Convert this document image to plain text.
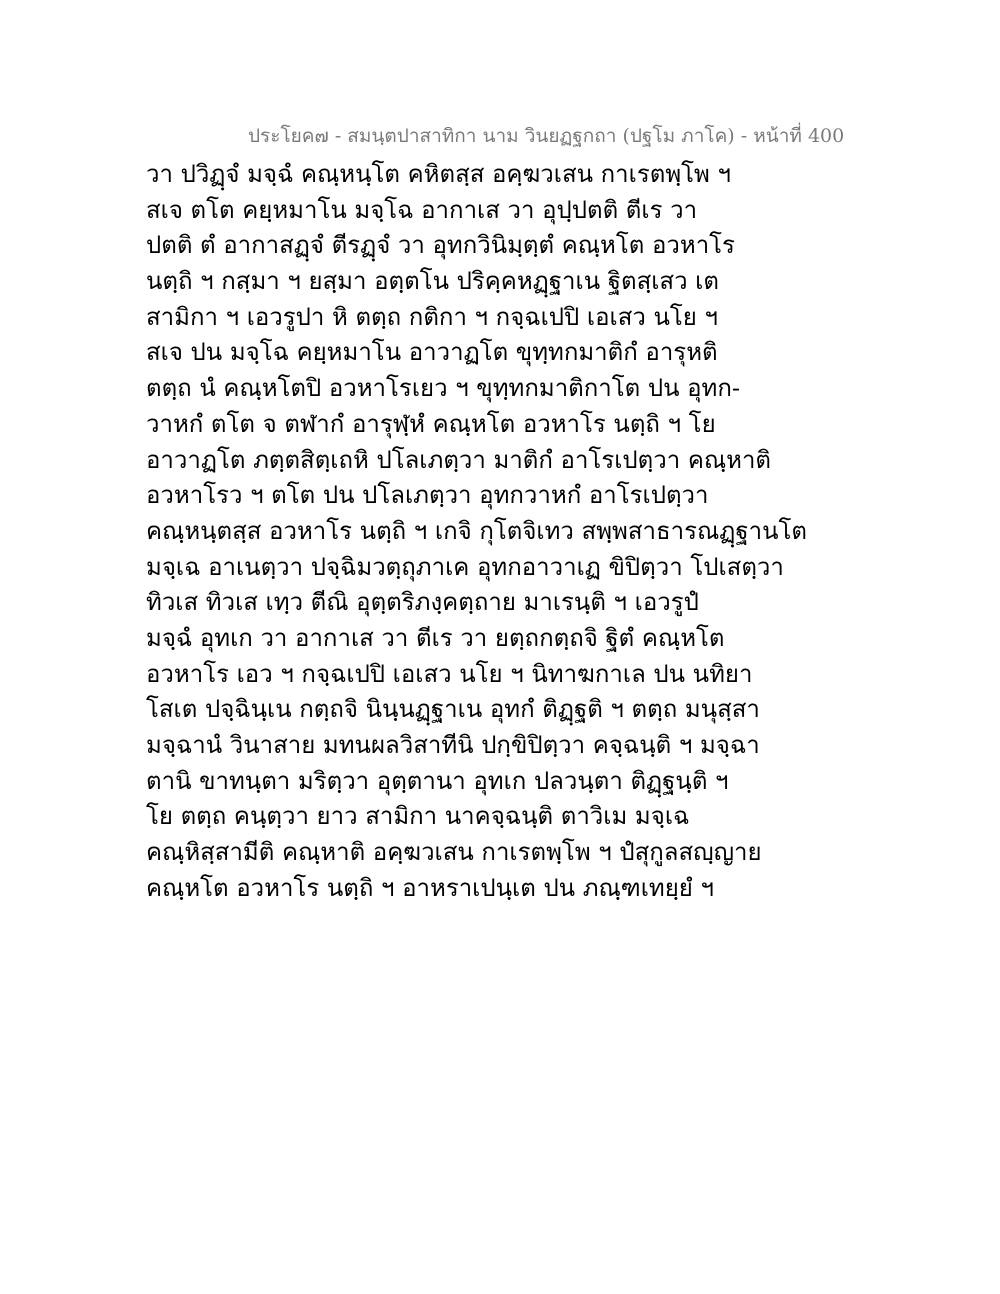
ประโยค๗ - สมนฺตปาสาทิกา นาม วินยฏฐกถา (ปฐโม ภาโค) - หน้าที่ 400
วา ปวิฏฺจํ มจฺฉํ คณฺหนฺโต คหิตสฺส อคฺฆวเสน กาเรตพฺโพ ฯ
สเจ ตโต คยฺหมาโน มจฺโฉ อากาเส วา อุปฺปตติ ตีเร วา
ปตติ ตํ อากาสฏฺจํ ตีรฏฺจํ วา อุทกวินิมฺตฺตํ คณฺหโต อวหาโร
นตฺถิ ฯ กสฺมา ฯ ยสฺมา อตฺตโน ปริคฺคหฏฺฐาเน ฐิตสฺเสว เต
สามิกา ฯ เอวรูปา หิ ตตฺถ กติกา ฯ กจฺฉเปปิ เอเสว นโย ฯ
สเจ ปน มจฺโฉ คยฺหมาโน อาวาฏโต ขุทฺทกมาติกํ อารุหติ
ตตฺถ นํ คณฺหโตปิ อวหาโรเยว ฯ ขุทฺทกมาติกาโต ปน อุทก-
วาหกํ ตโต จ ตฬากํ อารุฬฺหํ คณฺหโต อวหาโร นตฺถิ ฯ โย
อาวาฏโต ภตฺตสิตฺเถหิ ปโลเภตฺวา มาติกํ อาโรเปตฺวา คณฺหาติ
อวหาโรว ฯ ตโต ปน ปโลเภตฺวา อุทกวาหกํ อาโรเปตฺวา
คณฺหนฺตสฺส อวหาโร นตฺถิ ฯ เกจิ กุโตจิเทว สพฺพสาธารณฏฺฐานโต
มจฺเฉ อาเนตฺวา ปจฺฉิมวตฺถุภาเค อุทกอาวาเฏ ขิปิตฺวา โปเสตฺวา
ทิวเส ทิวเส เทฺว ตีณิ อุตฺตริภงฺคตฺถาย มาเรนฺติ ฯ เอวรูปํ
มจฺฉํ อุทเก วา อากาเส วา ตีเร วา ยตฺถกตฺถจิ ฐิตํ คณฺหโต
อวหาโร เอว ฯ กจฺฉเปปิ เอเสว นโย ฯ นิทาฆกาเล ปน นทิยา
โสเต ปจฺฉินฺเน กตฺถจิ นินฺนฏฺฐาเน อุทกํ ติฏฺฐติ ฯ ตตฺถ มนุสฺสา
มจฺฉานํ วินาสาย มทนผลวิสาทีนิ ปกฺขิปิตฺวา คจฺฉนฺติ ฯ มจฺฉา
ตานิ ขาทนฺตา มริตฺวา อุตฺตานา อุทเก ปลวนฺตา ติฏฺฐนฺติ ฯ
โย ตตฺถ คนฺตฺวา ยาว สามิกา นาคจฺฉนฺติ ตาวิเม มจฺเฉ
คณฺหิสฺสามีติ คณฺหาติ อคฺฆวเสน กาเรตพฺโพ ฯ ปํสุกูลสญฺญาย
คณฺหโต อวหาโร นตฺถิ ฯ อาหราเปนฺเต ปน ภณฺฑเทยฺยํ ฯ
